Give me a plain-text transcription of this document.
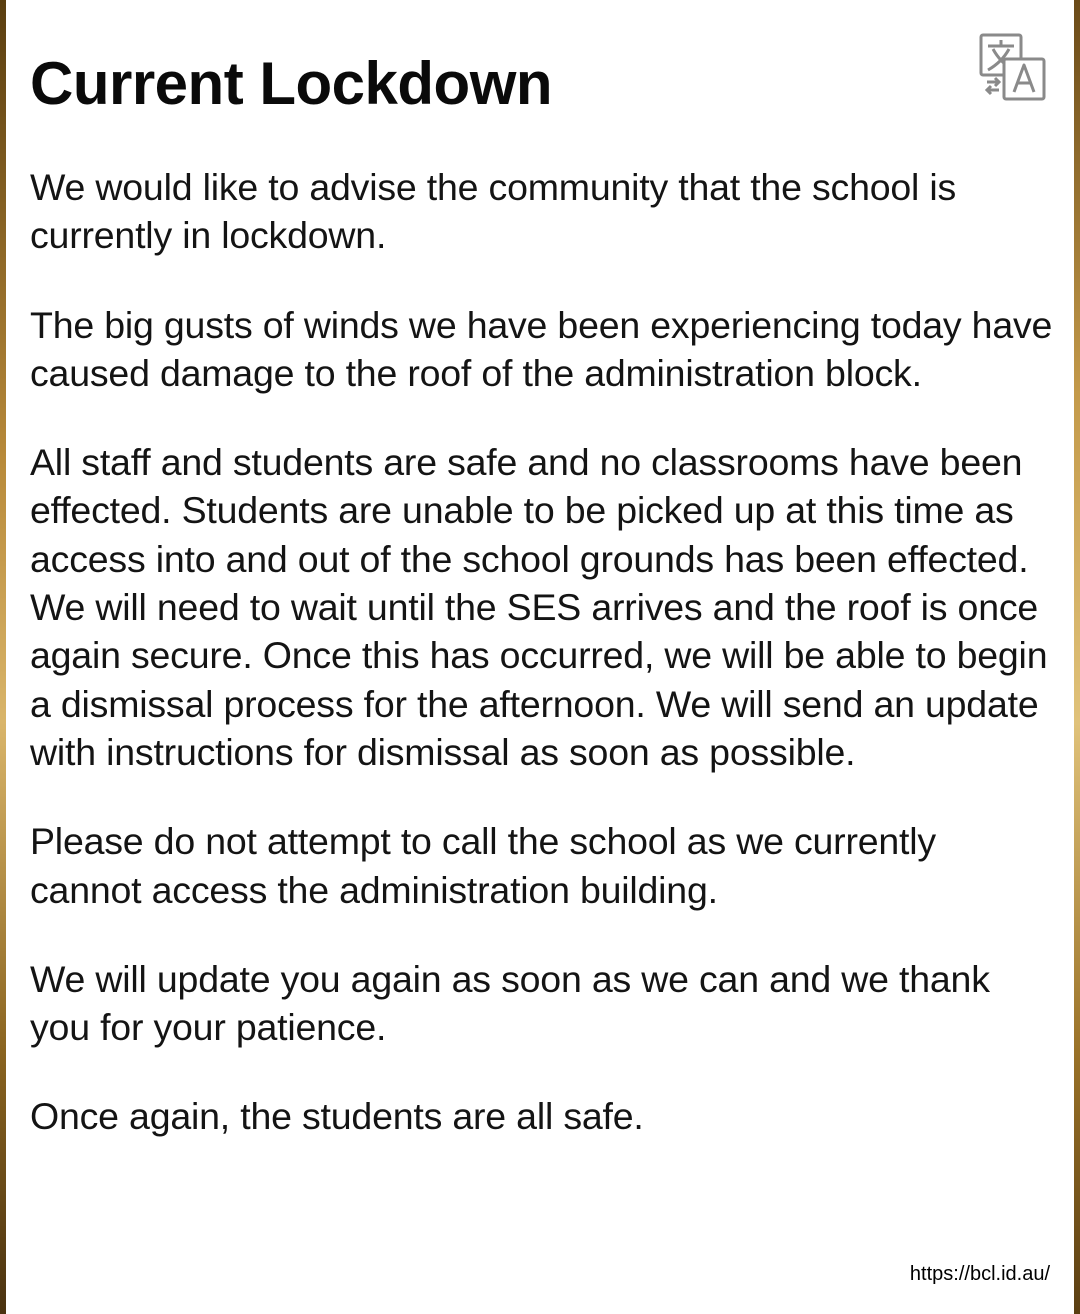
Current Lockdown

We would like to advise the community that the school is currently in lockdown.

The big gusts of winds we have been experiencing today have caused damage to the roof of the administration block.

All staff and students are safe and no classrooms have been effected. Students are unable to be picked up at this time as access into and out of the school grounds has been effected. We will need to wait until the SES arrives and the roof is once again secure. Once this has occurred, we will be able to begin a dismissal process for the afternoon. We will send an update with instructions for dismissal as soon as possible.

Please do not attempt to call the school as we currently cannot access the administration building.

We will update you again as soon as we can and we thank you for your patience.

Once again, the students are all safe.

https://bcl.id.au/
